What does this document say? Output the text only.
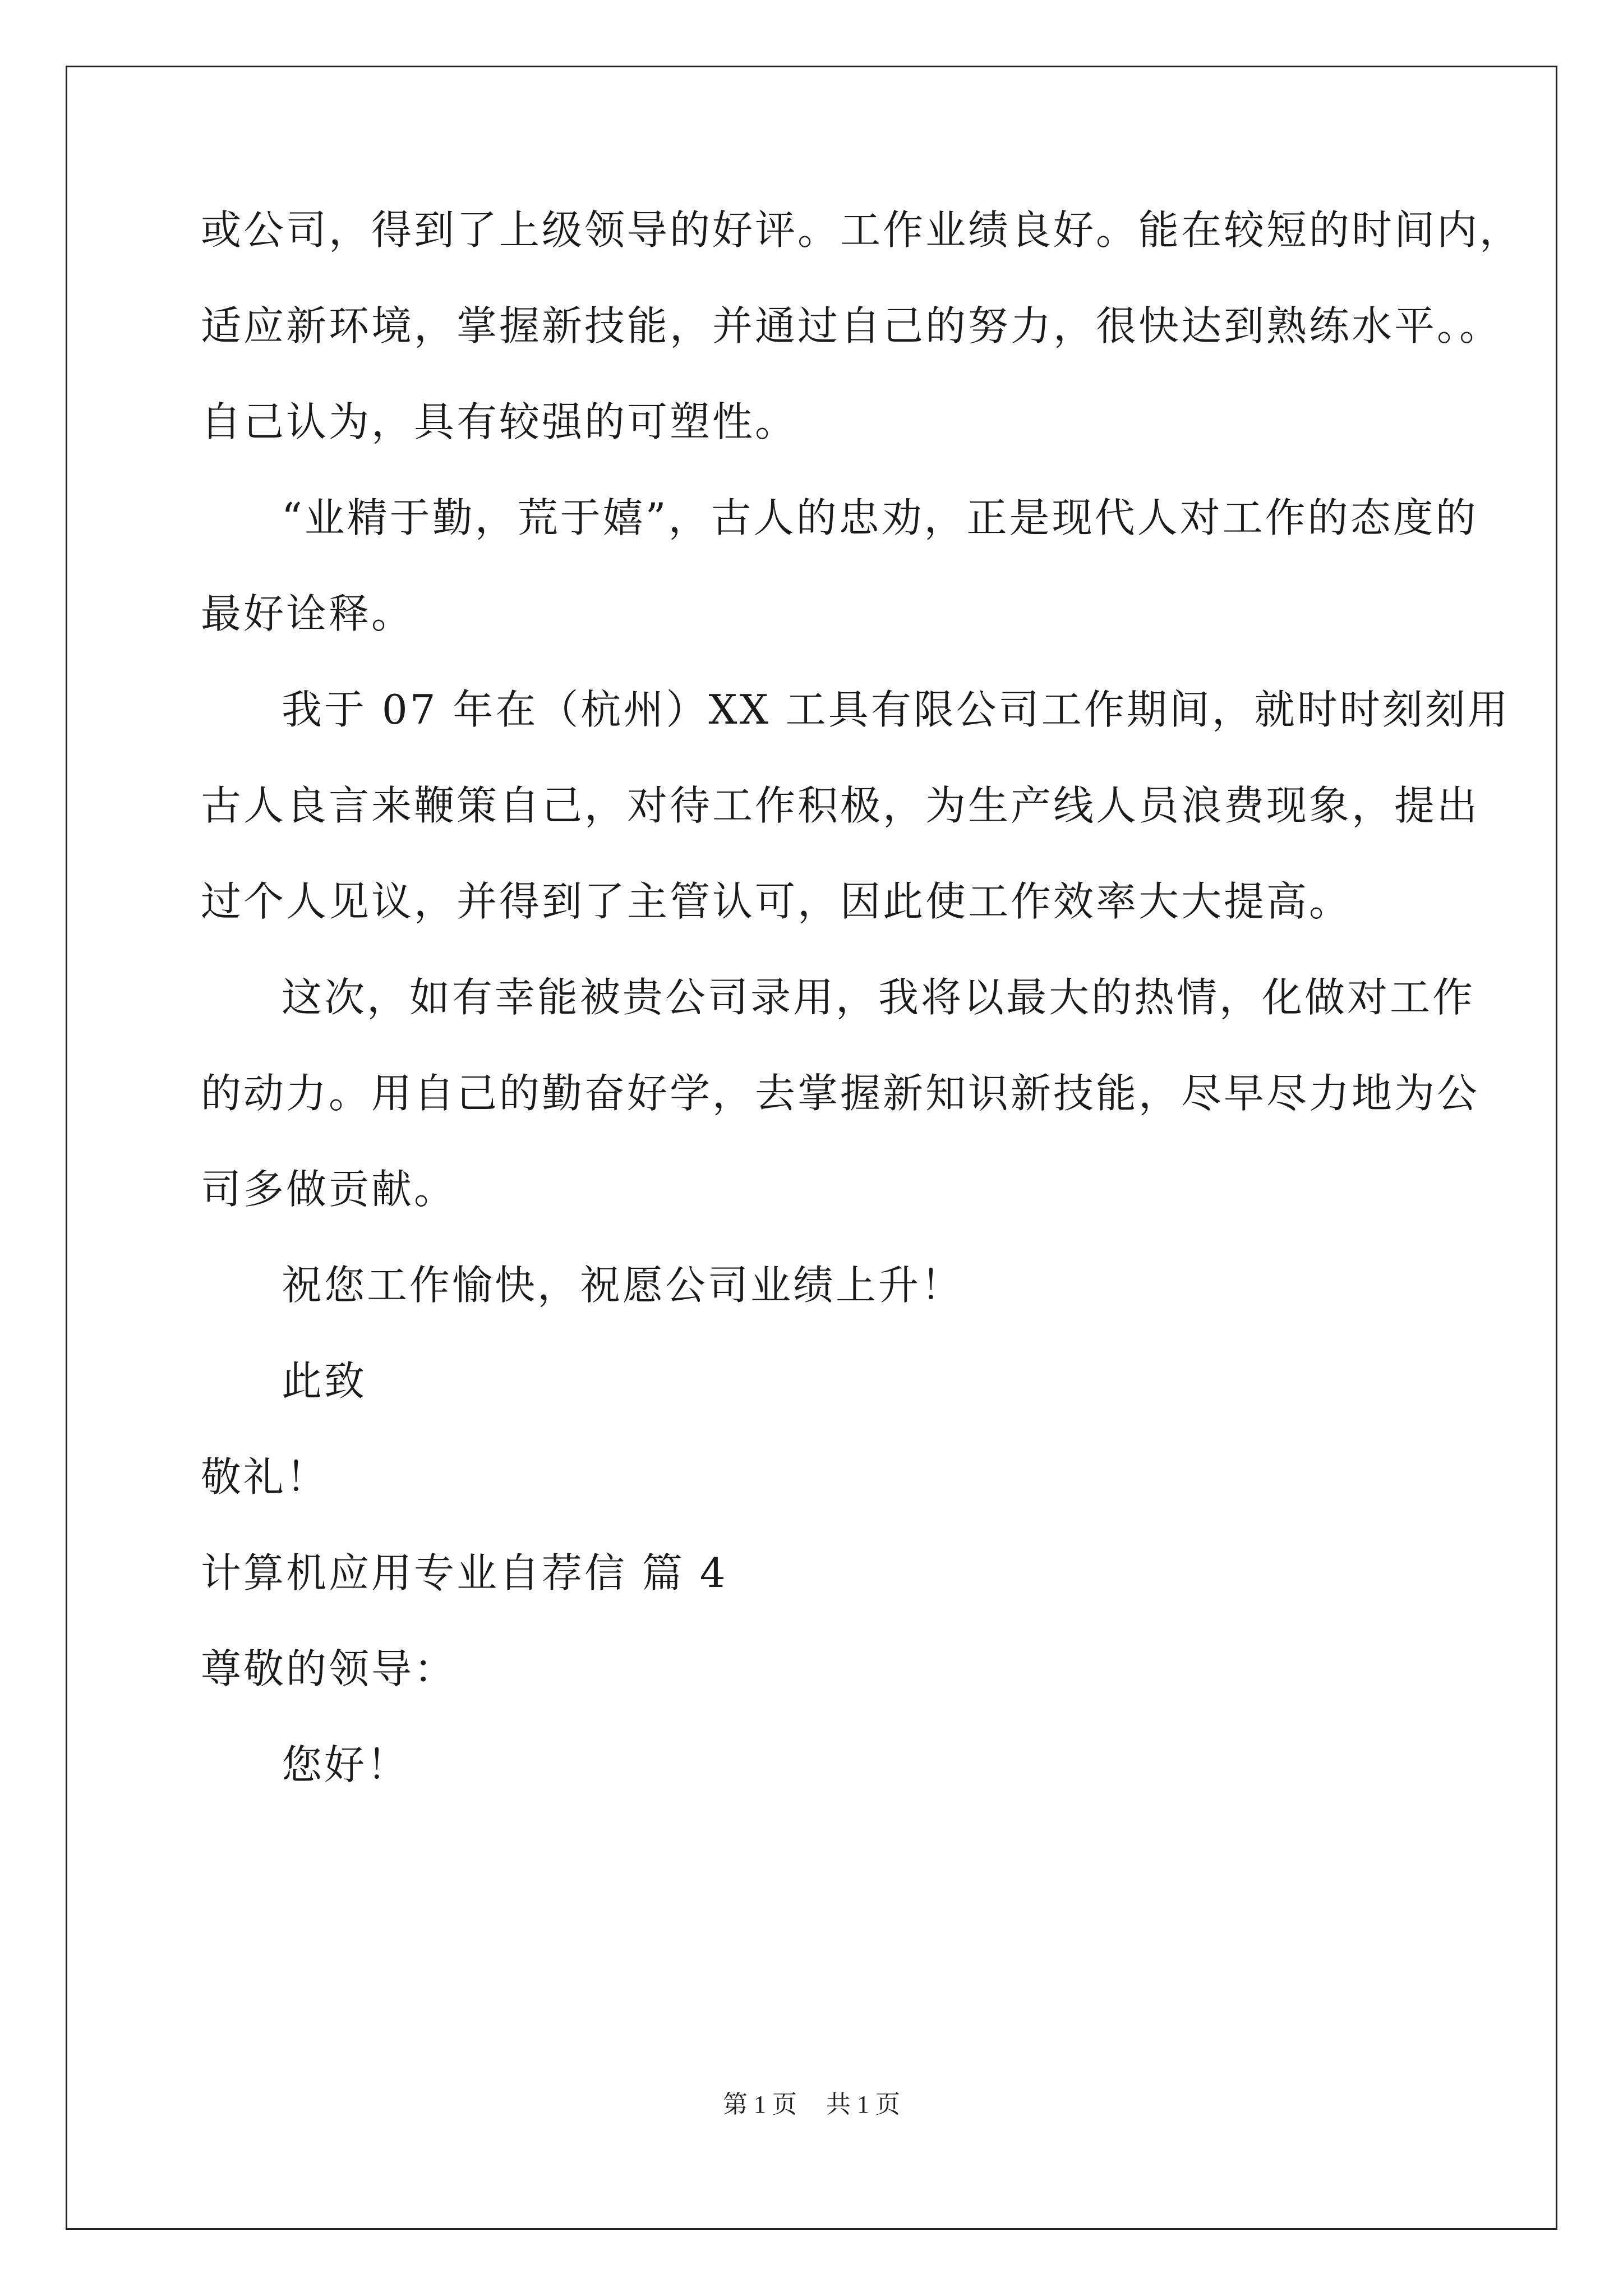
或公司，得到了上级领导的好评。工作业绩良好。能在较短的时间内，
适应新环境，掌握新技能，并通过自己的努力，很快达到熟练水平。。
自己认为，具有较强的可塑性。
“业精于勤，荒于嬉”，古人的忠劝，正是现代人对工作的态度的
最好诠释。
我于 07 年在（杭州）XX 工具有限公司工作期间，就时时刻刻用
古人良言来鞭策自己，对待工作积极，为生产线人员浪费现象，提出
过个人见议，并得到了主管认可，因此使工作效率大大提高。
这次，如有幸能被贵公司录用，我将以最大的热情，化做对工作
的动力。用自己的勤奋好学，去掌握新知识新技能，尽早尽力地为公
司多做贡献。
祝您工作愉快，祝愿公司业绩上升！
此致
敬礼！
计算机应用专业自荐信 篇 4
尊敬的领导：
您好！
第 1 页 共 1 页
